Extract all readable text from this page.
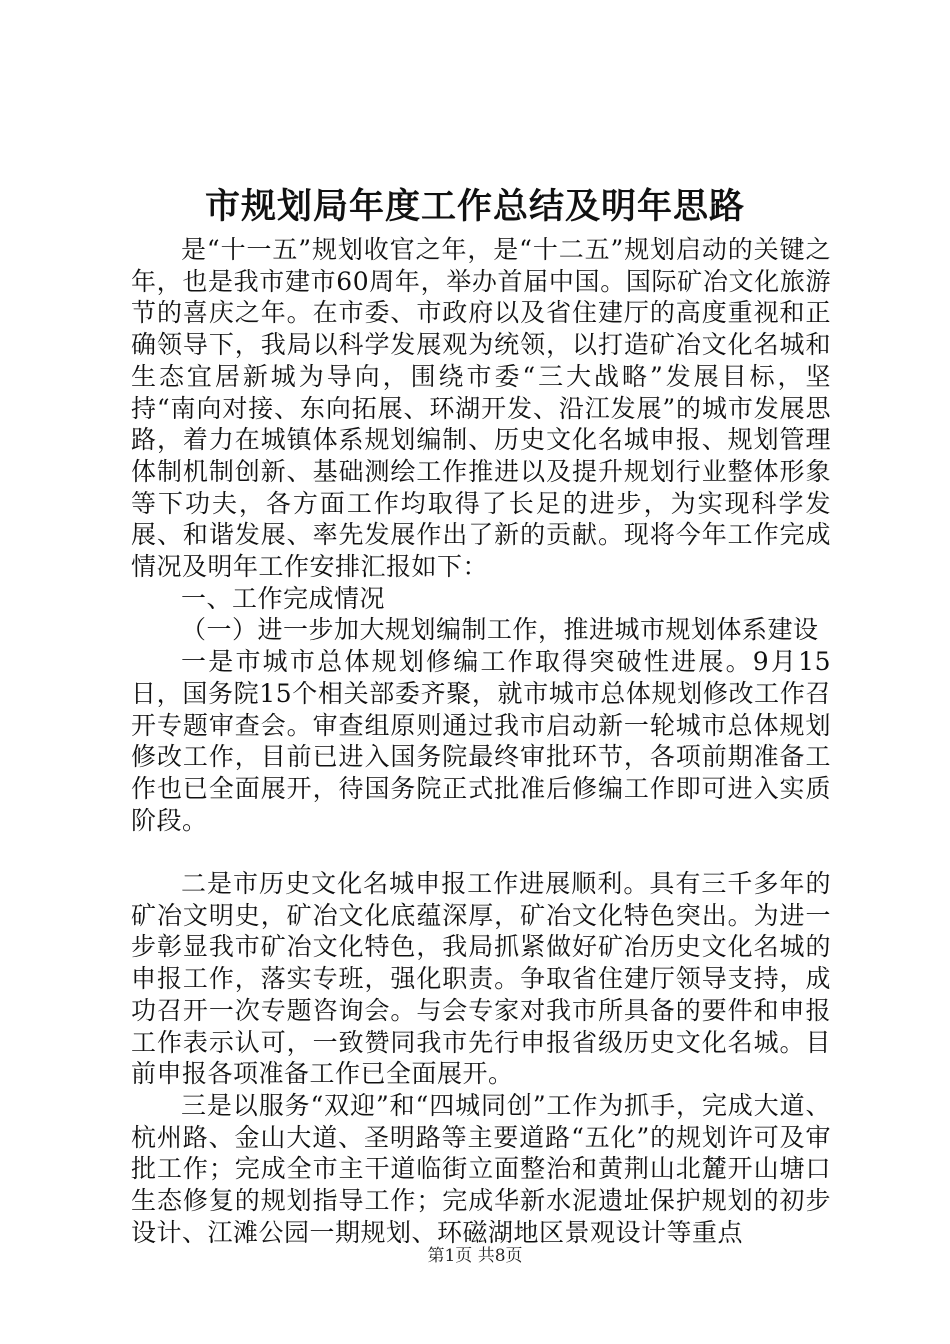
市规划局年度工作总结及明年思路

是“十一五”规划收官之年，是“十二五”规划启动的关键之年，也是我市建市60周年，举办首届中国。国际矿冶文化旅游节的喜庆之年。在市委、市政府以及省住建厅的高度重视和正确领导下，我局以科学发展观为统领，以打造矿冶文化名城和生态宜居新城为导向，围绕市委“三大战略”发展目标，坚持“南向对接、东向拓展、环湖开发、沿江发展”的城市发展思路，着力在城镇体系规划编制、历史文化名城申报、规划管理体制机制创新、基础测绘工作推进以及提升规划行业整体形象等下功夫，各方面工作均取得了长足的进步，为实现科学发展、和谐发展、率先发展作出了新的贡献。现将今年工作完成情况及明年工作安排汇报如下：

一、工作完成情况

（一）进一步加大规划编制工作，推进城市规划体系建设

一是市城市总体规划修编工作取得突破性进展。9月15日，国务院15个相关部委齐聚，就市城市总体规划修改工作召开专题审查会。审查组原则通过我市启动新一轮城市总体规划修改工作，目前已进入国务院最终审批环节，各项前期准备工作也已全面展开，待国务院正式批准后修编工作即可进入实质阶段。

二是市历史文化名城申报工作进展顺利。具有三千多年的矿冶文明史，矿冶文化底蕴深厚，矿冶文化特色突出。为进一步彰显我市矿冶文化特色，我局抓紧做好矿冶历史文化名城的申报工作，落实专班，强化职责。争取省住建厅领导支持，成功召开一次专题咨询会。与会专家对我市所具备的要件和申报工作表示认可，一致赞同我市先行申报省级历史文化名城。目前申报各项准备工作已全面展开。

三是以服务“双迎”和“四城同创”工作为抓手，完成大道、杭州路、金山大道、圣明路等主要道路“五化”的规划许可及审批工作；完成全市主干道临街立面整治和黄荆山北麓开山塘口生态修复的规划指导工作；完成华新水泥遗址保护规划的初步设计、江滩公园一期规划、环磁湖地区景观设计等重点

第1页 共8页
